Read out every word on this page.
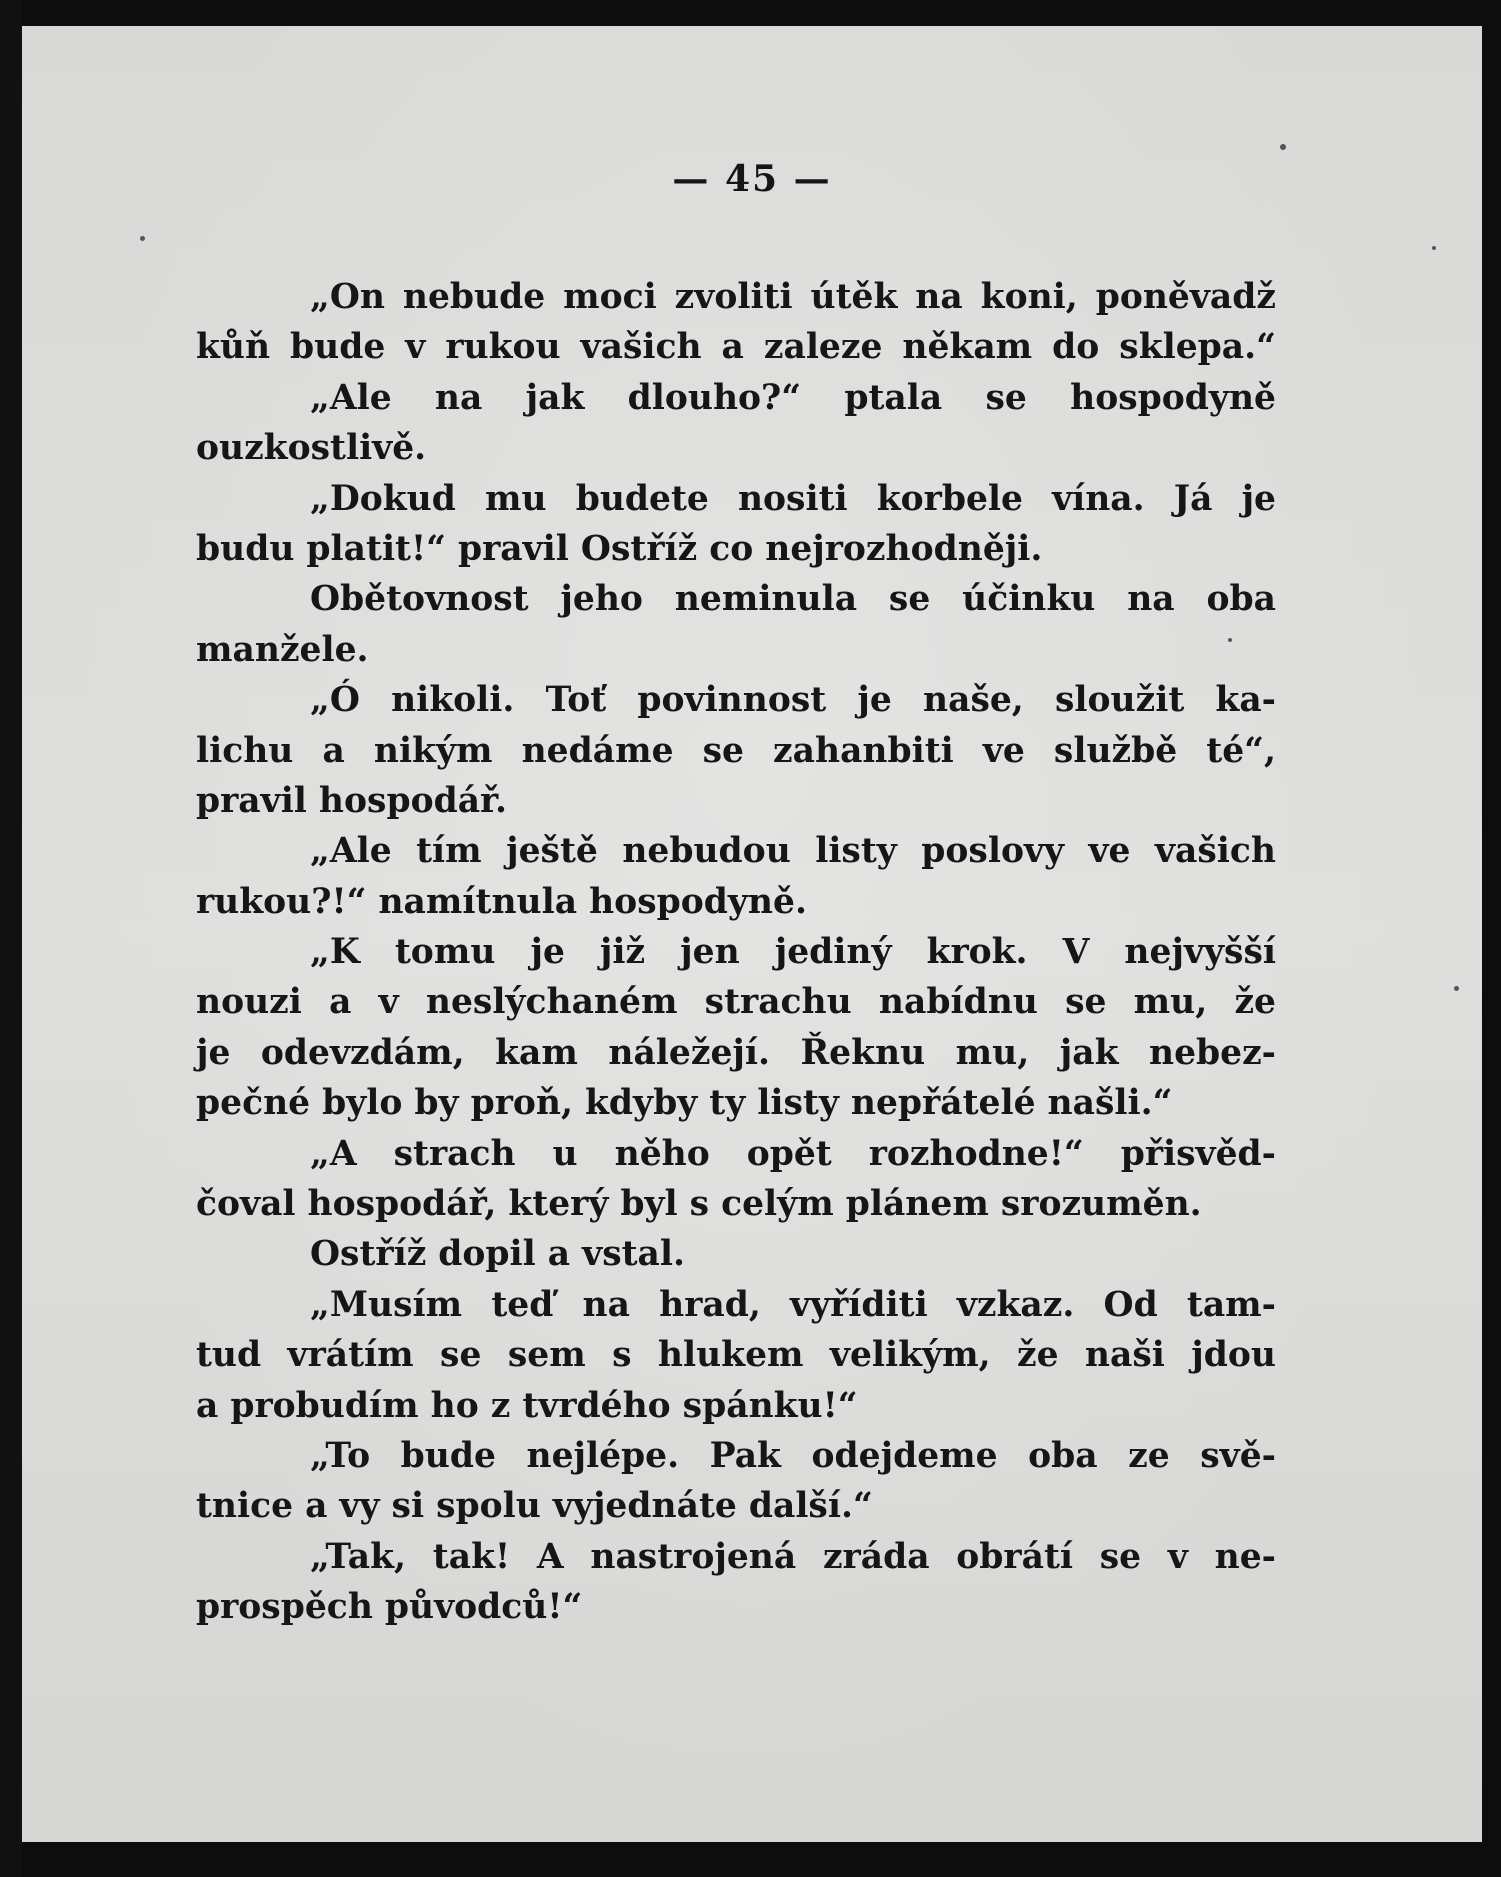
— 45 —
„On nebude moci zvoliti útěk na koni, poněvadž
kůň bude v rukou vašich a zaleze někam do sklepa.“
„Ale na jak dlouho?“ ptala se hospodyně
ouzkostlivě.
„Dokud mu budete nositi korbele vína. Já je
budu platit!“ pravil Ostříž co nejrozhodněji.
Obětovnost jeho neminula se účinku na oba
manžele.
„Ó nikoli. Toť povinnost je naše, sloužit ka-
lichu a nikým nedáme se zahanbiti ve službě té“,
pravil hospodář.
„Ale tím ještě nebudou listy poslovy ve vašich
rukou?!“ namítnula hospodyně.
„K tomu je již jen jediný krok. V nejvyšší
nouzi a v neslýchaném strachu nabídnu se mu, že
je odevzdám, kam náležejí. Řeknu mu, jak nebez-
pečné bylo by proň, kdyby ty listy nepřátelé našli.“
„A strach u něho opět rozhodne!“ přisvěd-
čoval hospodář, který byl s celým plánem srozuměn.
Ostříž dopil a vstal.
„Musím teď na hrad, vyříditi vzkaz. Od tam-
tud vrátím se sem s hlukem velikým, že naši jdou
a probudím ho z tvrdého spánku!“
„To bude nejlépe. Pak odejdeme oba ze svě-
tnice a vy si spolu vyjednáte další.“
„Tak, tak! A nastrojená zráda obrátí se v ne-
prospěch původců!“
